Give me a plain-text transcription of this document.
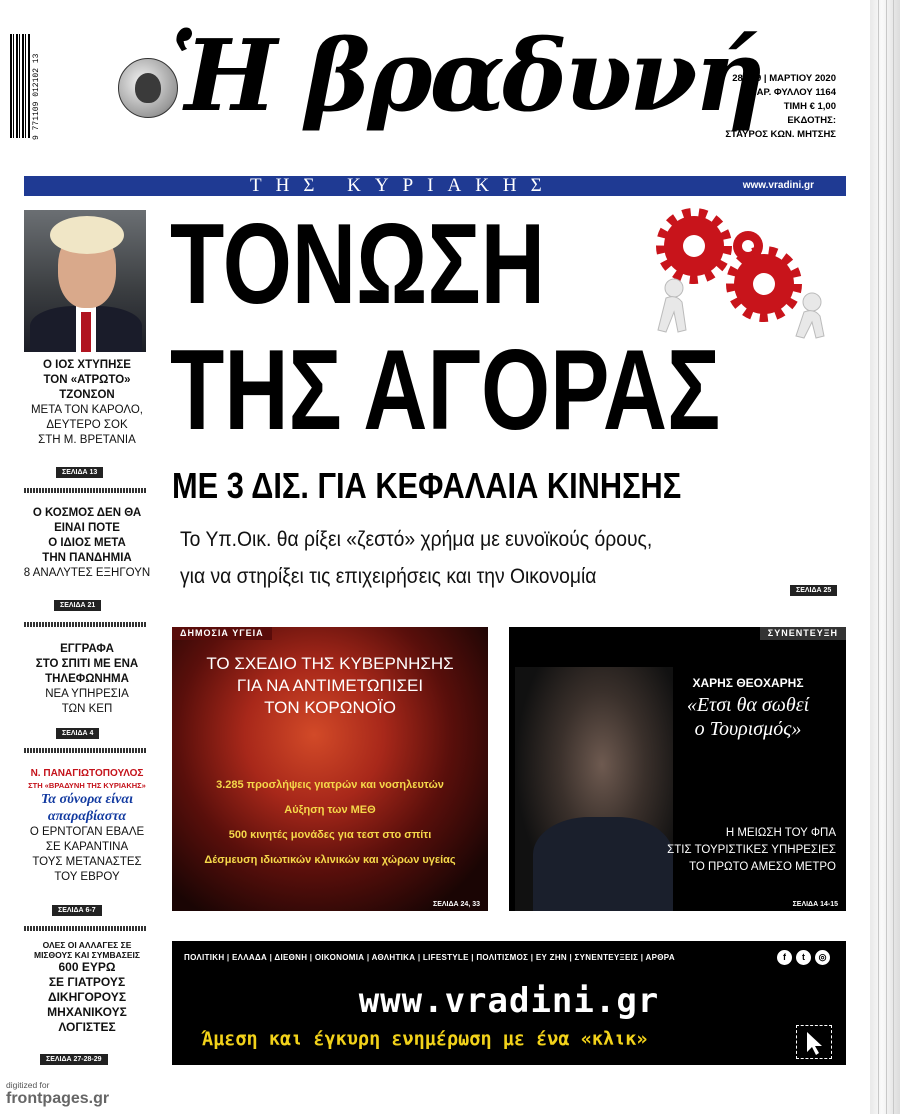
9 771109 012102 13 Ἡ βραδυνή
28 | 29 | ΜΑΡΤΙΟΥ 2020
ΑΡ. ΦΥΛΛΟΥ 1164
ΤΙΜΗ € 1,00
ΕΚΔΟΤΗΣ:
ΣΤΑΥΡΟΣ ΚΩΝ. ΜΗΤΣΗΣ
ΤΗΣ ΚΥΡΙΑΚΗΣ	www.vradini.gr
Ο ΙΟΣ ΧΤΥΠΗΣΕ
ΤΟΝ «ΑΤΡΩΤΟ»
ΤΖΟΝΣΟΝ
ΜΕΤΑ ΤΟΝ ΚΑΡΟΛΟ,
ΔΕΥΤΕΡΟ ΣΟΚ
ΣΤΗ Μ. ΒΡΕΤΑΝΙΑ
ΣΕΛΙΔΑ 13
Ο ΚΟΣΜΟΣ ΔΕΝ ΘΑ
ΕΙΝΑΙ ΠΟΤΕ
Ο ΙΔΙΟΣ ΜΕΤΑ
ΤΗΝ ΠΑΝΔΗΜΙΑ
8 ΑΝΑΛΥΤΕΣ ΕΞΗΓΟΥΝ
ΣΕΛΙΔΑ 21
ΕΓΓΡΑΦΑ
ΣΤΟ ΣΠΙΤΙ ΜΕ ΕΝΑ
ΤΗΛΕΦΩΝΗΜΑ
ΝΕΑ ΥΠΗΡΕΣΙΑ
ΤΩΝ ΚΕΠ
ΣΕΛΙΔΑ 4
Ν. ΠΑΝΑΓΙΩΤΟΠΟΥΛΟΣ
ΣΤΗ «ΒΡΑΔΥΝΗ ΤΗΣ ΚΥΡΙΑΚΗΣ»
Τα σύνορα είναι
απαραβίαστα
Ο ΕΡΝΤΟΓΑΝ ΕΒΑΛΕ
ΣΕ ΚΑΡΑΝΤΙΝΑ
ΤΟΥΣ ΜΕΤΑΝΑΣΤΕΣ
ΤΟΥ ΕΒΡΟΥ
ΣΕΛΙΔΑ 6-7
ΟΛΕΣ ΟΙ ΑΛΛΑΓΕΣ ΣΕ
ΜΙΣΘΟΥΣ ΚΑΙ ΣΥΜΒΑΣΕΙΣ
600 ΕΥΡΩ
ΣΕ ΓΙΑΤΡΟΥΣ
ΔΙΚΗΓΟΡΟΥΣ
ΜΗΧΑΝΙΚΟΥΣ
ΛΟΓΙΣΤΕΣ
ΣΕΛΙΔΑ 27-28-29
ΤΟΝΩΣΗ
ΤΗΣ ΑΓΟΡΑΣ
ΜΕ 3 ΔΙΣ. ΓΙΑ ΚΕΦΑΛΑΙΑ ΚΙΝΗΣΗΣ
Το Υπ.Οικ. θα ρίξει «ζεστό» χρήμα με ευνοϊκούς όρους,
για να στηρίξει τις επιχειρήσεις και την Οικονομία
ΣΕΛΙΔΑ 25
ΔΗΜΟΣΙΑ ΥΓΕΙΑ
ΤΟ ΣΧΕΔΙΟ ΤΗΣ ΚΥΒΕΡΝΗΣΗΣ
ΓΙΑ ΝΑ ΑΝΤΙΜΕΤΩΠΙΣΕΙ
ΤΟΝ ΚΟΡΩΝΟΪΟ
3.285 προσλήψεις γιατρών και νοσηλευτών
Αύξηση των ΜΕΘ
500 κινητές μονάδες για τεστ στο σπίτι
Δέσμευση ιδιωτικών κλινικών και χώρων υγείας
ΣΕΛΙΔΑ 24, 33
ΣΥΝΕΝΤΕΥΞΗ
ΧΑΡΗΣ ΘΕΟΧΑΡΗΣ
«Ετσι θα σωθεί
ο Τουρισμός»
Η ΜΕΙΩΣΗ ΤΟΥ ΦΠΑ
ΣΤΙΣ ΤΟΥΡΙΣΤΙΚΕΣ ΥΠΗΡΕΣΙΕΣ
ΤΟ ΠΡΩΤΟ ΑΜΕΣΟ ΜΕΤΡΟ
ΣΕΛΙΔΑ 14-15
ΠΟΛΙΤΙΚΗ | ΕΛΛΑΔΑ | ΔΙΕΘΝΗ | ΟΙΚΟΝΟΜΙΑ | ΑΘΛΗΤΙΚΑ | LIFESTYLE | ΠΟΛΙΤΙΣΜΟΣ | ΕΥ ΖΗΝ | ΣΥΝΕΝΤΕΥΞΕΙΣ | ΑΡΘΡΑ	f	t	◎
www.vradini.gr
Άμεση και έγκυρη ενημέρωση με ένα «κλικ»
digitized for
frontpages.gr
